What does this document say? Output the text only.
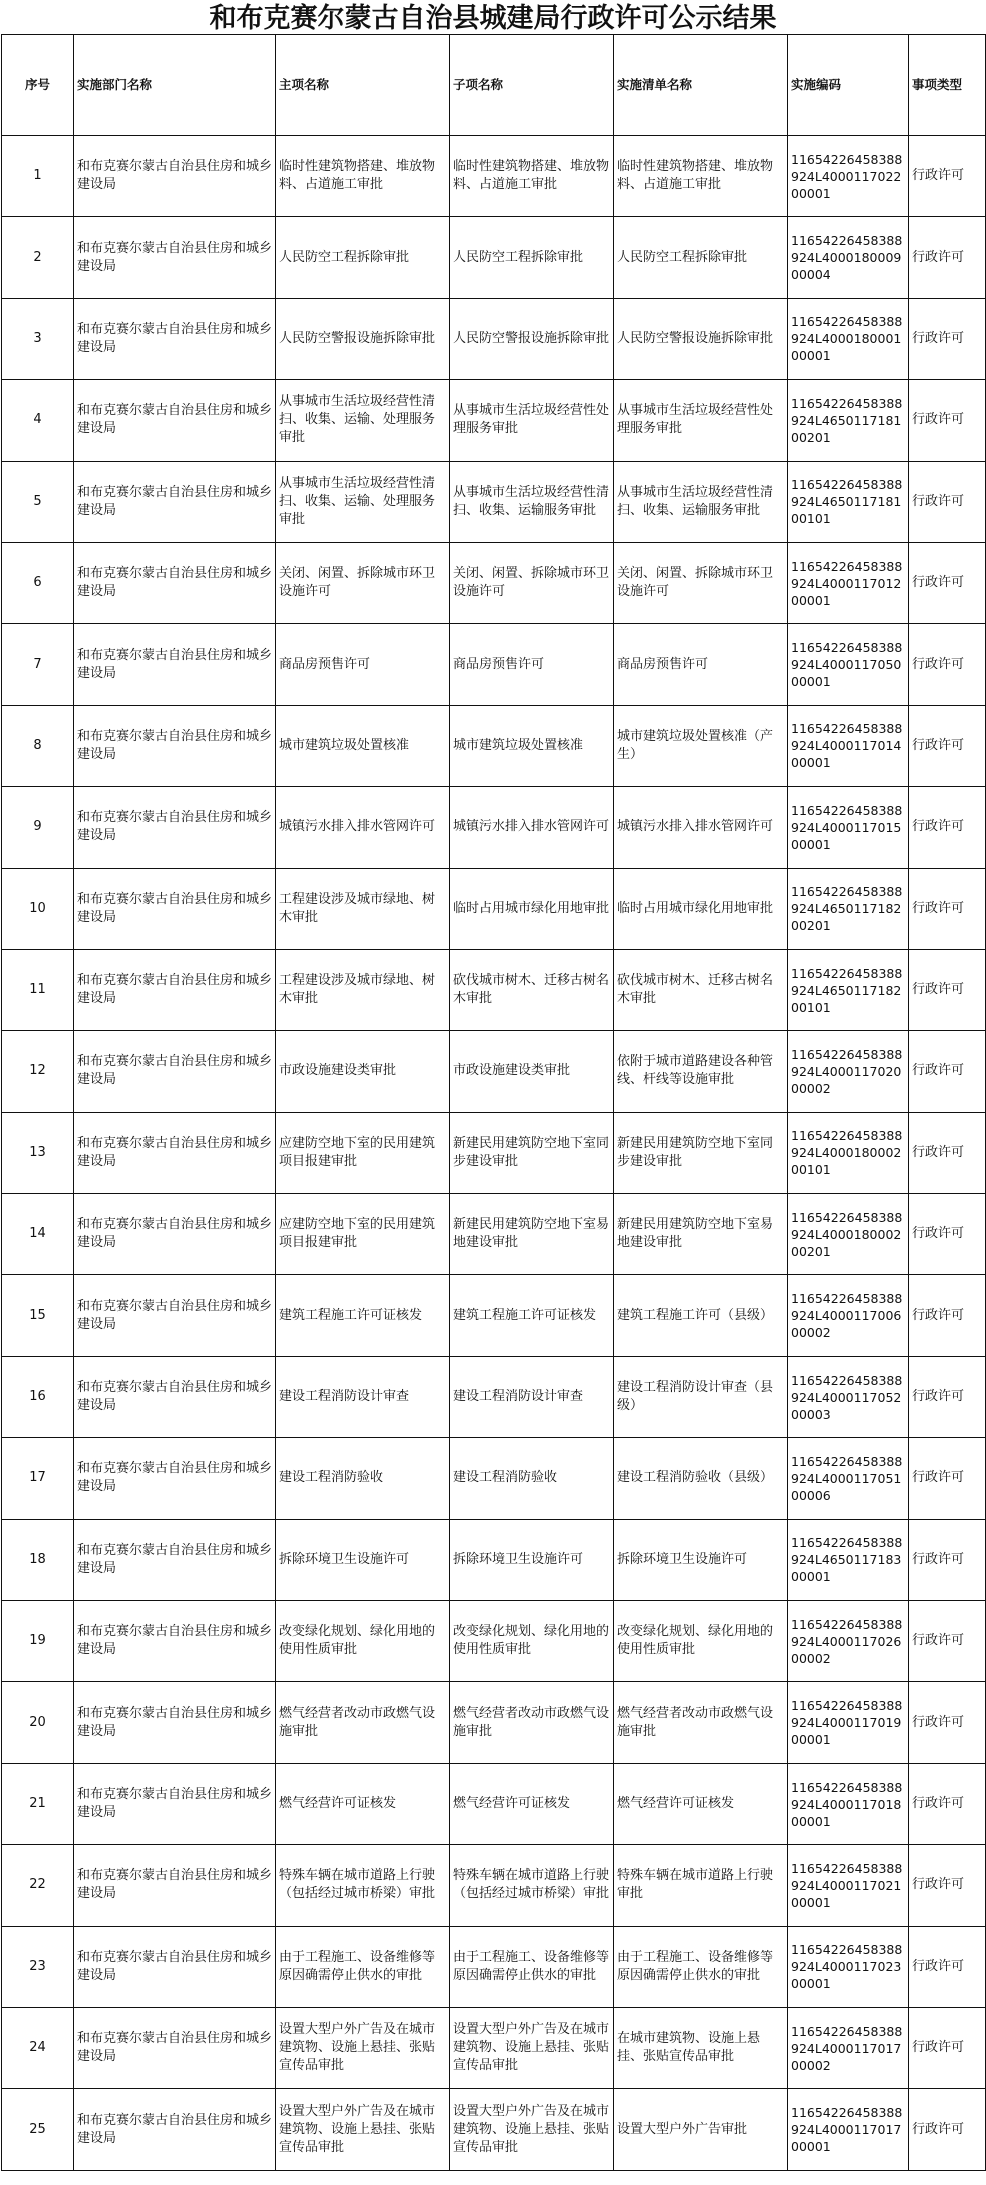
和布克赛尔蒙古自治县城建局行政许可公示结果
序号	实施部门名称	主项名称	子项名称	实施清单名称	实施编码	事项类型
1	和布克赛尔蒙古自治县住房和城乡建设局	临时性建筑物搭建、堆放物料、占道施工审批	临时性建筑物搭建、堆放物料、占道施工审批	临时性建筑物搭建、堆放物料、占道施工审批	11654226458388924L400011702200001	行政许可
2	和布克赛尔蒙古自治县住房和城乡建设局	人民防空工程拆除审批	人民防空工程拆除审批	人民防空工程拆除审批	11654226458388924L400018000900004	行政许可
3	和布克赛尔蒙古自治县住房和城乡建设局	人民防空警报设施拆除审批	人民防空警报设施拆除审批	人民防空警报设施拆除审批	11654226458388924L400018000100001	行政许可
4	和布克赛尔蒙古自治县住房和城乡建设局	从事城市生活垃圾经营性清扫、收集、运输、处理服务审批	从事城市生活垃圾经营性处理服务审批	从事城市生活垃圾经营性处理服务审批	11654226458388924L465011718100201	行政许可
5	和布克赛尔蒙古自治县住房和城乡建设局	从事城市生活垃圾经营性清扫、收集、运输、处理服务审批	从事城市生活垃圾经营性清扫、收集、运输服务审批	从事城市生活垃圾经营性清扫、收集、运输服务审批	11654226458388924L465011718100101	行政许可
6	和布克赛尔蒙古自治县住房和城乡建设局	关闭、闲置、拆除城市环卫设施许可	关闭、闲置、拆除城市环卫设施许可	关闭、闲置、拆除城市环卫设施许可	11654226458388924L400011701200001	行政许可
7	和布克赛尔蒙古自治县住房和城乡建设局	商品房预售许可	商品房预售许可	商品房预售许可	11654226458388924L400011705000001	行政许可
8	和布克赛尔蒙古自治县住房和城乡建设局	城市建筑垃圾处置核准	城市建筑垃圾处置核准	城市建筑垃圾处置核准（产生）	11654226458388924L400011701400001	行政许可
9	和布克赛尔蒙古自治县住房和城乡建设局	城镇污水排入排水管网许可	城镇污水排入排水管网许可	城镇污水排入排水管网许可	11654226458388924L400011701500001	行政许可
10	和布克赛尔蒙古自治县住房和城乡建设局	工程建设涉及城市绿地、树木审批	临时占用城市绿化用地审批	临时占用城市绿化用地审批	11654226458388924L465011718200201	行政许可
11	和布克赛尔蒙古自治县住房和城乡建设局	工程建设涉及城市绿地、树木审批	砍伐城市树木、迁移古树名木审批	砍伐城市树木、迁移古树名木审批	11654226458388924L465011718200101	行政许可
12	和布克赛尔蒙古自治县住房和城乡建设局	市政设施建设类审批	市政设施建设类审批	依附于城市道路建设各种管线、杆线等设施审批	11654226458388924L400011702000002	行政许可
13	和布克赛尔蒙古自治县住房和城乡建设局	应建防空地下室的民用建筑项目报建审批	新建民用建筑防空地下室同步建设审批	新建民用建筑防空地下室同步建设审批	11654226458388924L400018000200101	行政许可
14	和布克赛尔蒙古自治县住房和城乡建设局	应建防空地下室的民用建筑项目报建审批	新建民用建筑防空地下室易地建设审批	新建民用建筑防空地下室易地建设审批	11654226458388924L400018000200201	行政许可
15	和布克赛尔蒙古自治县住房和城乡建设局	建筑工程施工许可证核发	建筑工程施工许可证核发	建筑工程施工许可（县级）	11654226458388924L400011700600002	行政许可
16	和布克赛尔蒙古自治县住房和城乡建设局	建设工程消防设计审查	建设工程消防设计审查	建设工程消防设计审查（县级）	11654226458388924L400011705200003	行政许可
17	和布克赛尔蒙古自治县住房和城乡建设局	建设工程消防验收	建设工程消防验收	建设工程消防验收（县级）	11654226458388924L400011705100006	行政许可
18	和布克赛尔蒙古自治县住房和城乡建设局	拆除环境卫生设施许可	拆除环境卫生设施许可	拆除环境卫生设施许可	11654226458388924L465011718300001	行政许可
19	和布克赛尔蒙古自治县住房和城乡建设局	改变绿化规划、绿化用地的使用性质审批	改变绿化规划、绿化用地的使用性质审批	改变绿化规划、绿化用地的使用性质审批	11654226458388924L400011702600002	行政许可
20	和布克赛尔蒙古自治县住房和城乡建设局	燃气经营者改动市政燃气设施审批	燃气经营者改动市政燃气设施审批	燃气经营者改动市政燃气设施审批	11654226458388924L400011701900001	行政许可
21	和布克赛尔蒙古自治县住房和城乡建设局	燃气经营许可证核发	燃气经营许可证核发	燃气经营许可证核发	11654226458388924L400011701800001	行政许可
22	和布克赛尔蒙古自治县住房和城乡建设局	特殊车辆在城市道路上行驶（包括经过城市桥梁）审批	特殊车辆在城市道路上行驶（包括经过城市桥梁）审批	特殊车辆在城市道路上行驶审批	11654226458388924L400011702100001	行政许可
23	和布克赛尔蒙古自治县住房和城乡建设局	由于工程施工、设备维修等原因确需停止供水的审批	由于工程施工、设备维修等原因确需停止供水的审批	由于工程施工、设备维修等原因确需停止供水的审批	11654226458388924L400011702300001	行政许可
24	和布克赛尔蒙古自治县住房和城乡建设局	设置大型户外广告及在城市建筑物、设施上悬挂、张贴宣传品审批	设置大型户外广告及在城市建筑物、设施上悬挂、张贴宣传品审批	在城市建筑物、设施上悬挂、张贴宣传品审批	11654226458388924L400011701700002	行政许可
25	和布克赛尔蒙古自治县住房和城乡建设局	设置大型户外广告及在城市建筑物、设施上悬挂、张贴宣传品审批	设置大型户外广告及在城市建筑物、设施上悬挂、张贴宣传品审批	设置大型户外广告审批	11654226458388924L400011701700001	行政许可
